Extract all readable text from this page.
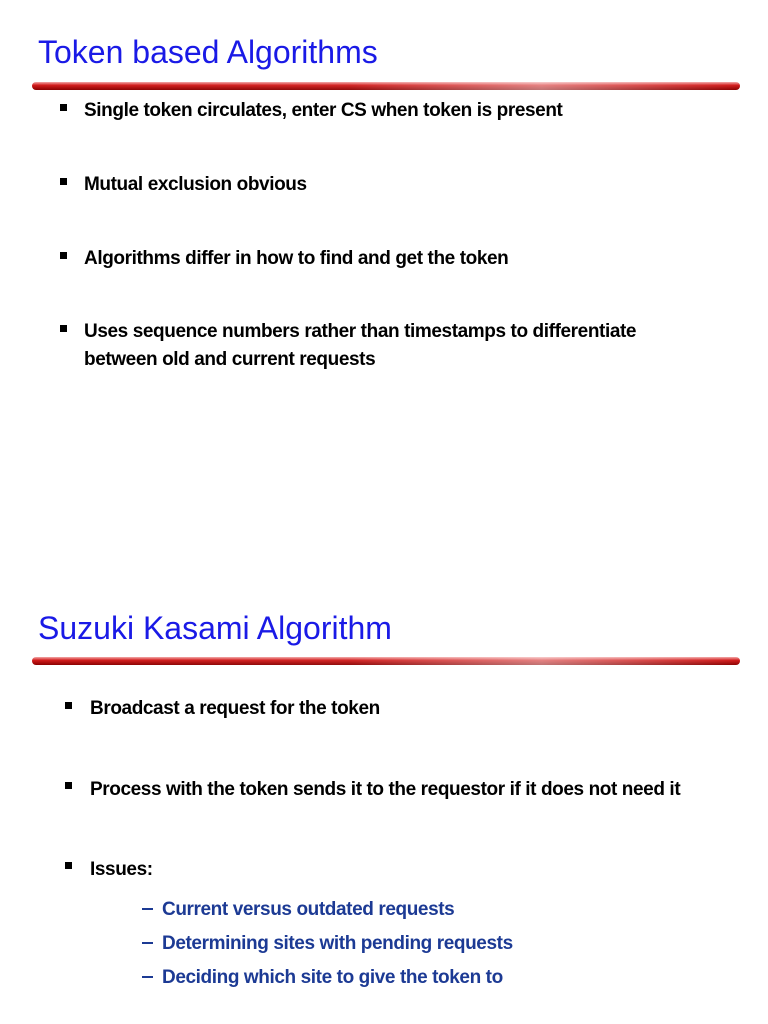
Token based Algorithms
Single token circulates, enter CS when token is present
Mutual exclusion obvious
Algorithms differ in how to find and get the token
Uses sequence numbers rather than timestamps to differentiate
between old and current requests
Suzuki Kasami Algorithm
Broadcast a request for the token
Process with the token sends it to the requestor if it does not need it
Issues:
Current versus outdated requests
Determining sites with pending requests
Deciding which site to give the token to
